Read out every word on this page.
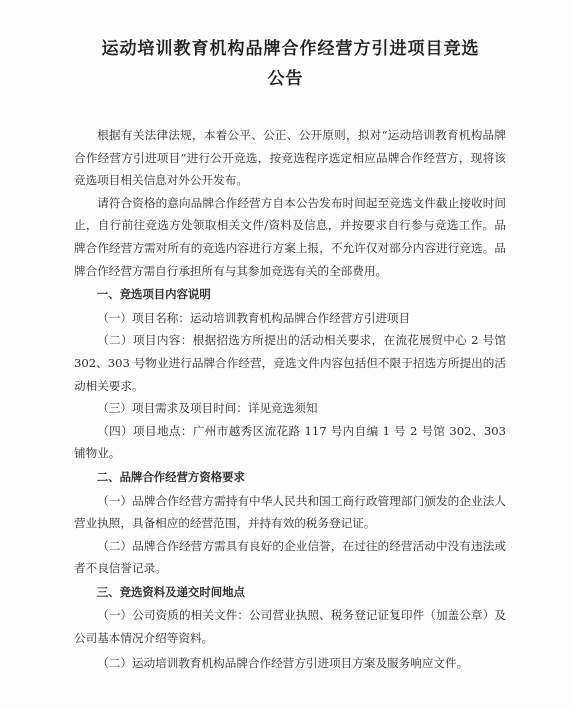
运动培训教育机构品牌合作经营方引进项目竞选
公告

根据有关法律法规，本着公平、公正、公开原则，拟对“运动培训教育机构品牌合作经营方引进项目”进行公开竞选，按竞选程序选定相应品牌合作经营方，现将该竞选项目相关信息对外公开发布。

请符合资格的意向品牌合作经营方自本公告发布时间起至竞选文件截止接收时间止，自行前往竞选方处领取相关文件/资料及信息，并按要求自行参与竞选工作。品牌合作经营方需对所有的竞选内容进行方案上报，不允许仅对部分内容进行竞选。品牌合作经营方需自行承担所有与其参加竞选有关的全部费用。

一、竞选项目内容说明

（一）项目名称：运动培训教育机构品牌合作经营方引进项目

（二）项目内容：根据招选方所提出的活动相关要求，在流花展贸中心 2 号馆 302、303 号物业进行品牌合作经营，竞选文件内容包括但不限于招选方所提出的活动相关要求。

（三）项目需求及项目时间：详见竞选须知

（四）项目地点：广州市越秀区流花路 117 号内自编 1 号 2 号馆 302、303 铺物业。

二、品牌合作经营方资格要求

（一）品牌合作经营方需持有中华人民共和国工商行政管理部门颁发的企业法人营业执照，具备相应的经营范围，并持有效的税务登记证。

（二）品牌合作经营方需具有良好的企业信誉，在过往的经营活动中没有违法或者不良信誉记录。

三、竞选资料及递交时间地点

（一）公司资质的相关文件：公司营业执照、税务登记证复印件（加盖公章）及公司基本情况介绍等资料。

（二）运动培训教育机构品牌合作经营方引进项目方案及服务响应文件。
